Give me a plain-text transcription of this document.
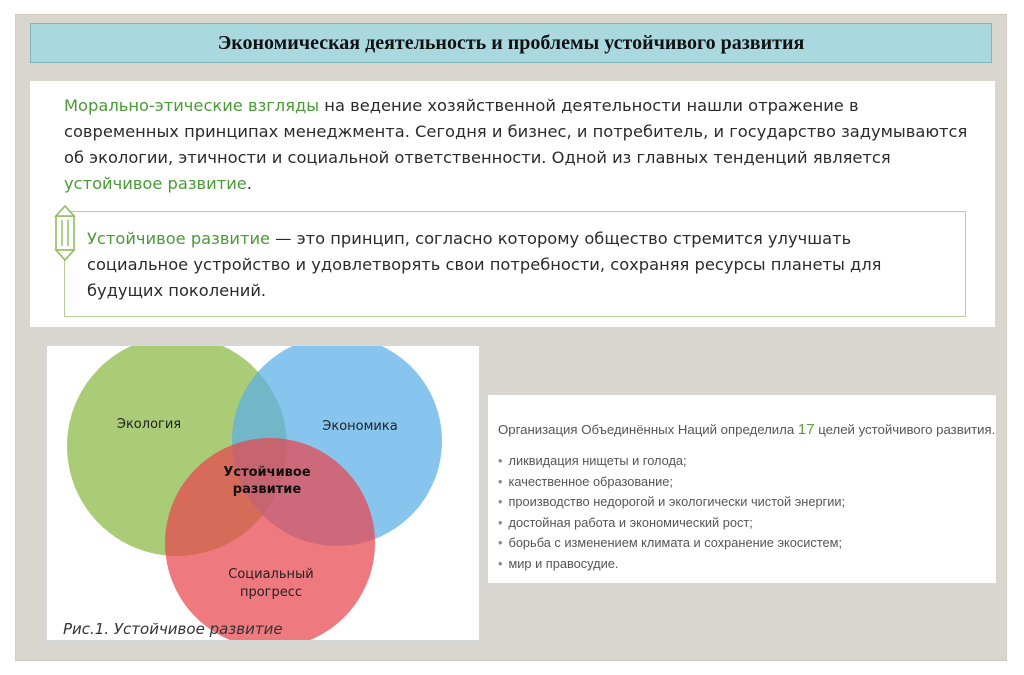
Экономическая деятельность и проблемы устойчивого развития
Морально-этические взгляды на ведение хозяйственной деятельности нашли отражение в современных принципах менеджмента. Сегодня и бизнес, и потребитель, и государство задумываются об экологии, этичности и социальной ответственности. Одной из главных тенденций является устойчивое развитие.
Устойчивое развитие — это принцип, согласно которому общество стремится улучшать социальное устройство и удовлетворять свои потребности, сохраняя ресурсы планеты для будущих поколений.
Экология	Экономика
Социальный
прогресс
Устойчивое
развитие
Рис.1. Устойчивое развитие
Организация Объединённых Наций определила 17 целей устойчивого развития.
• ликвидация нищеты и голода;
• качественное образование;
• производство недорогой и экологически чистой энергии;
• достойная работа и экономический рост;
• борьба с изменением климата и сохранение экосистем;
• мир и правосудие.
